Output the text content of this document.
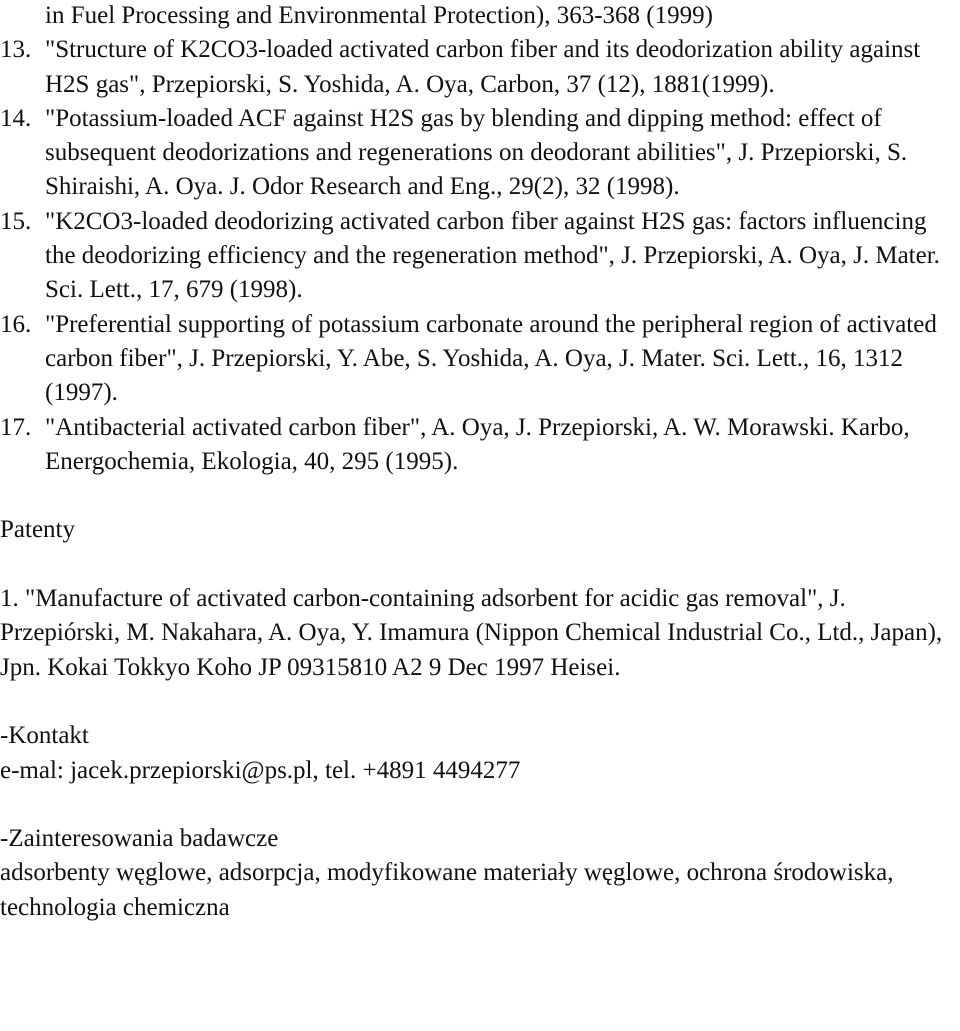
in Fuel Processing and Environmental Protection), 363-368 (1999)

13. "Structure of K2CO3-loaded activated carbon fiber and its deodorization ability against H2S gas", Przepiorski, S. Yoshida, A. Oya, Carbon, 37 (12), 1881(1999).

14. "Potassium-loaded ACF against H2S gas by blending and dipping method: effect of subsequent deodorizations and regenerations on deodorant abilities", J. Przepiorski, S. Shiraishi, A. Oya. J. Odor Research and Eng., 29(2), 32 (1998).

15. "K2CO3-loaded deodorizing activated carbon fiber against H2S gas: factors influencing the deodorizing efficiency and the regeneration method", J. Przepiorski, A. Oya, J. Mater. Sci. Lett., 17, 679 (1998).

16. "Preferential supporting of potassium carbonate around the peripheral region of activated carbon fiber", J. Przepiorski, Y. Abe, S. Yoshida, A. Oya, J. Mater. Sci. Lett., 16, 1312 (1997).

17. "Antibacterial activated carbon fiber", A. Oya, J. Przepiorski, A. W. Morawski. Karbo, Energochemia, Ekologia, 40, 295 (1995).

Patenty

1. "Manufacture of activated carbon-containing adsorbent for acidic gas removal", J. Przepiórski, M. Nakahara, A. Oya, Y. Imamura (Nippon Chemical Industrial Co., Ltd., Japan), Jpn. Kokai Tokkyo Koho JP 09315810 A2 9 Dec 1997 Heisei.

-Kontakt

e-mal: jacek.przepiorski@ps.pl, tel. +4891 4494277

-Zainteresowania badawcze

adsorbenty węglowe, adsorpcja, modyfikowane materiały węglowe, ochrona środowiska, technologia chemiczna
